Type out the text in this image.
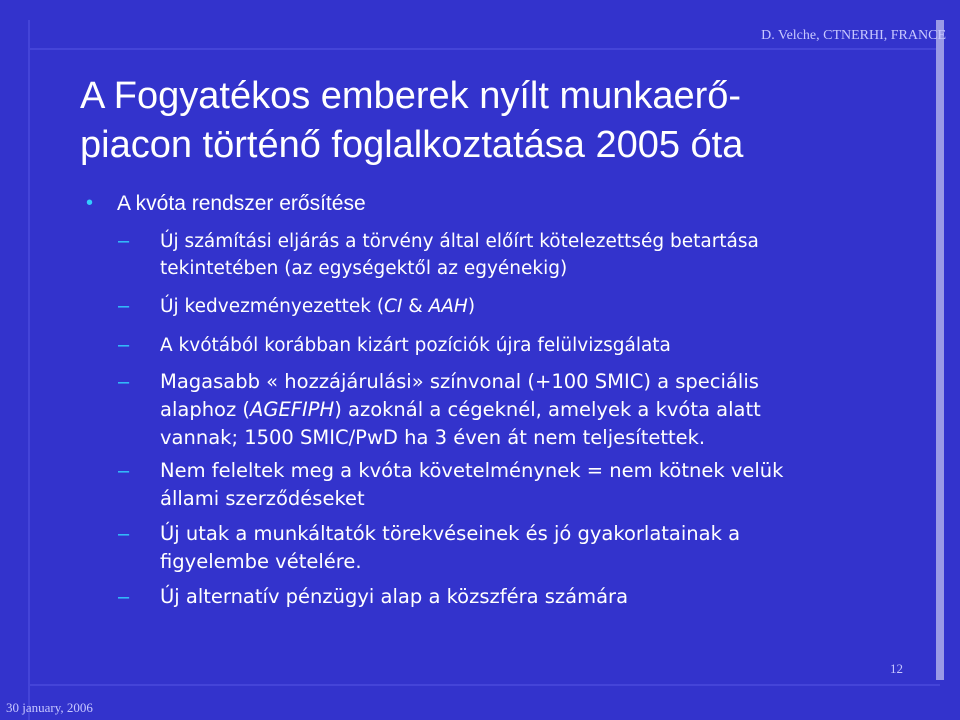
D. Velche, CTNERHI, FRANCE
A Fogyatékos emberek nyílt munkaerő-
piacon történő foglalkoztatása 2005 óta
• A kvóta rendszer erősítése
– Új számítási eljárás a törvény által előírt kötelezettség betartása
tekintetében (az egységektől az egyénekig)
– Új kedvezményezettek (CI & AAH)
– A kvótából korábban kizárt pozíciók újra felülvizsgálata
– Magasabb « hozzájárulási» színvonal (+100 SMIC) a speciális
alaphoz (AGEFIPH) azoknál a cégeknél, amelyek a kvóta alatt
vannak; 1500 SMIC/PwD ha 3 éven át nem teljesítettek.
– Nem feleltek meg a kvóta követelménynek = nem kötnek velük
állami szerződéseket
– Új utak a munkáltatók törekvéseinek és jó gyakorlatainak a
figyelembe vételére.
– Új alternatív pénzügyi alap a közszféra számára
12
30 january, 2006
